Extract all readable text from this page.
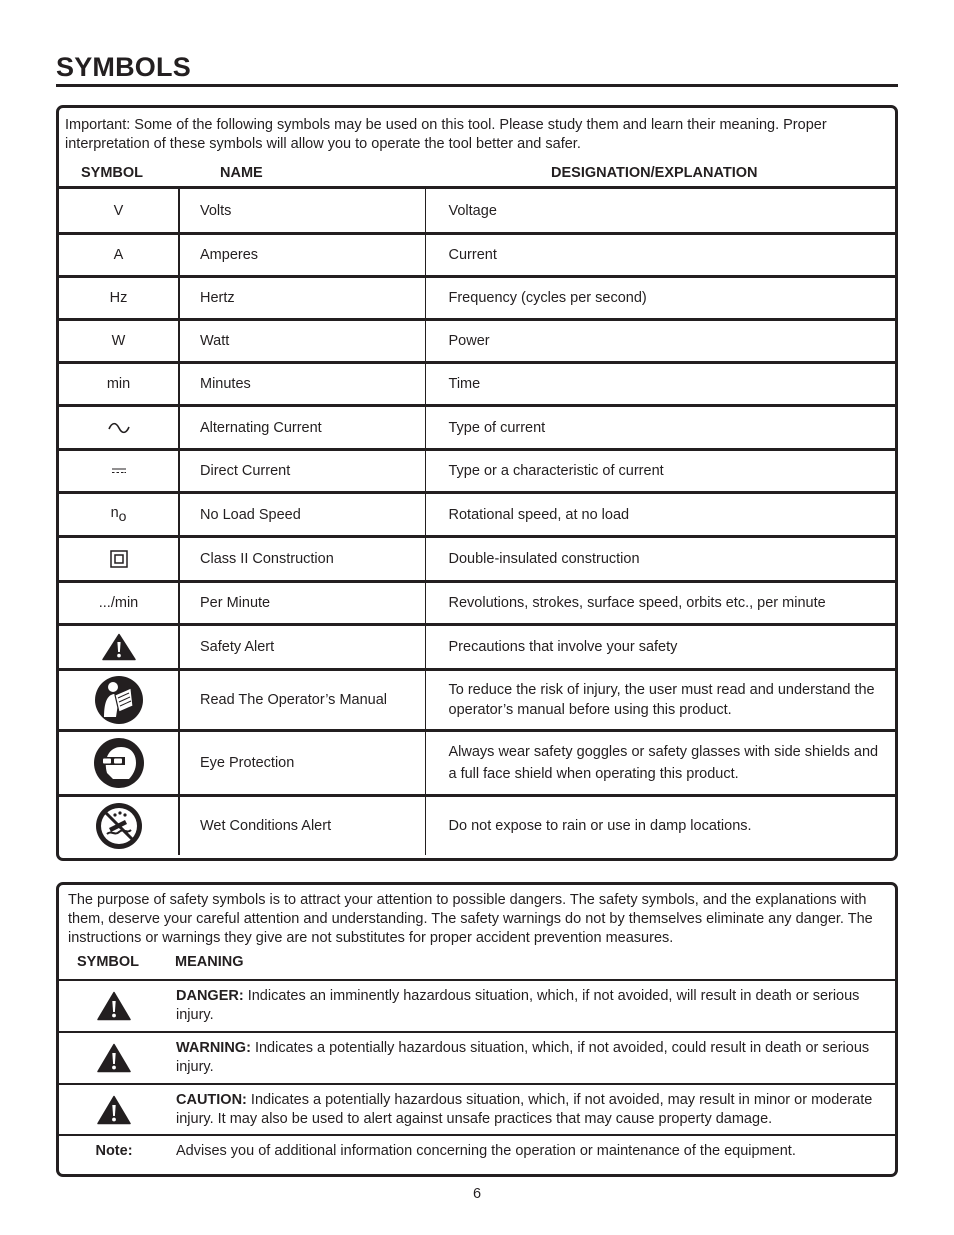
SYMBOLS
Important: Some of the following symbols may be used on this tool. Please study them and learn their meaning. Proper interpretation of these symbols will allow you to operate the tool better and safer.
SYMBOL	NAME	DESIGNATION/EXPLANATION
V	Volts	Voltage
A	Amperes	Current
Hz	Hertz	Frequency (cycles per second)
W	Watt	Power
min	Minutes	Time
	Alternating Current	Type of current
	Direct Current	Type or a characteristic of current
$n_o$	No Load Speed	Rotational speed, at no load
	Class II Construction	Double-insulated construction
.../min	Per Minute	Revolutions, strokes, surface speed, orbits etc., per minute
	Safety Alert	Precautions that involve your safety
	Read The Operator’s Manual	To reduce the risk of injury, the user must read and understand the operator’s manual before using this product.
	Eye Protection	Always wear safety goggles or safety glasses with side shields and a full face shield when operating this product.
	Wet Conditions Alert	Do not expose to rain or use in damp locations.
The purpose of safety symbols is to attract your attention to possible dangers. The safety symbols, and the explanations with them, deserve your careful attention and understanding. The safety warnings do not by themselves eliminate any danger. The instructions or warnings they give are not substitutes for proper accident prevention measures.
SYMBOL MEANING
	DANGER: Indicates an imminently hazardous situation, which, if not avoided, will result in death or serious injury.
	WARNING: Indicates a potentially hazardous situation, which, if not avoided, could result in death or serious injury.
	CAUTION: Indicates a potentially hazardous situation, which, if not avoided, may result in minor or moderate injury. It may also be used to alert against unsafe practices that may cause property damage.
Note:	Advises you of additional information concerning the operation or maintenance of the equipment.
6
